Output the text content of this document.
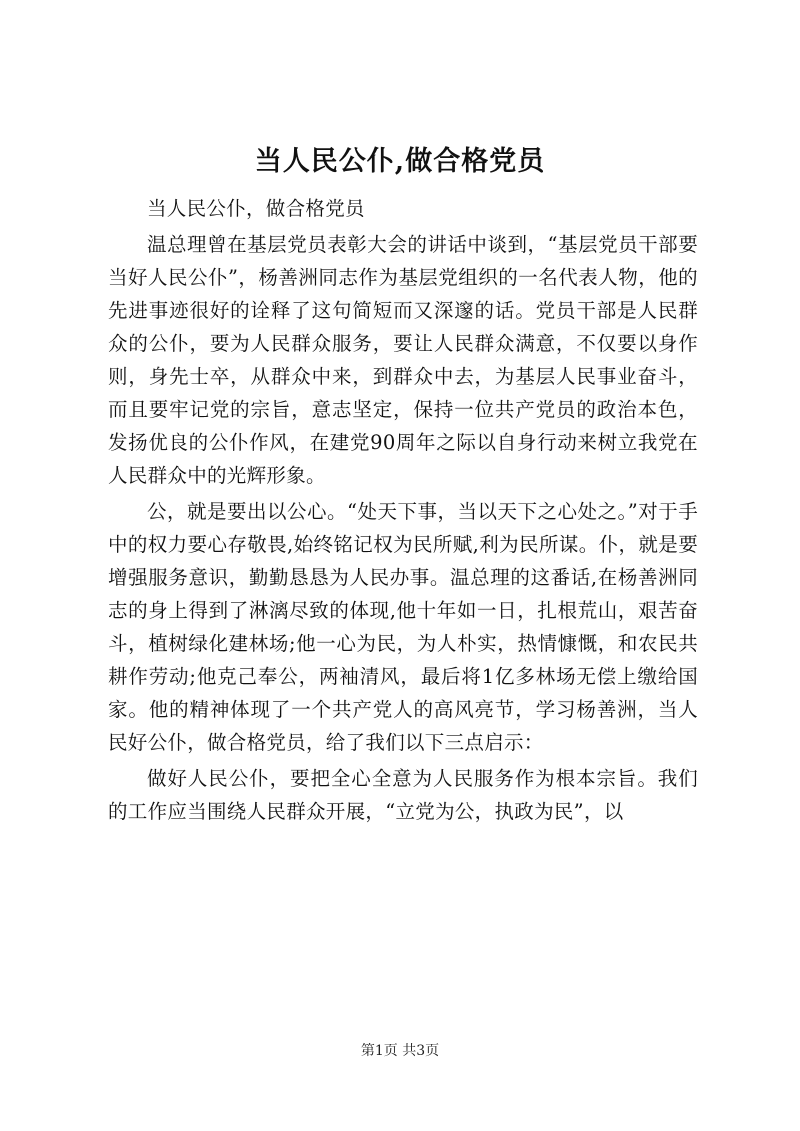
当人民公仆,做合格党员

当人民公仆，做合格党员

温总理曾在基层党员表彰大会的讲话中谈到，“基层党员干部要当好人民公仆”，杨善洲同志作为基层党组织的一名代表人物，他的先进事迹很好的诠释了这句简短而又深邃的话。党员干部是人民群众的公仆，要为人民群众服务，要让人民群众满意，不仅要以身作则，身先士卒，从群众中来，到群众中去，为基层人民事业奋斗，而且要牢记党的宗旨，意志坚定，保持一位共产党员的政治本色，发扬优良的公仆作风，在建党90周年之际以自身行动来树立我党在人民群众中的光辉形象。

公，就是要出以公心。“处天下事，当以天下之心处之。”对于手中的权力要心存敬畏,始终铭记权为民所赋,利为民所谋。仆，就是要增强服务意识，勤勤恳恳为人民办事。温总理的这番话,在杨善洲同志的身上得到了淋漓尽致的体现,他十年如一日，扎根荒山，艰苦奋斗，植树绿化建林场;他一心为民，为人朴实，热情慷慨，和农民共耕作劳动;他克己奉公，两袖清风，最后将1亿多林场无偿上缴给国家。他的精神体现了一个共产党人的高风亮节，学习杨善洲，当人民好公仆，做合格党员，给了我们以下三点启示：

做好人民公仆，要把全心全意为人民服务作为根本宗旨。我们的工作应当围绕人民群众开展，“立党为公，执政为民”，以

第1页 共3页
